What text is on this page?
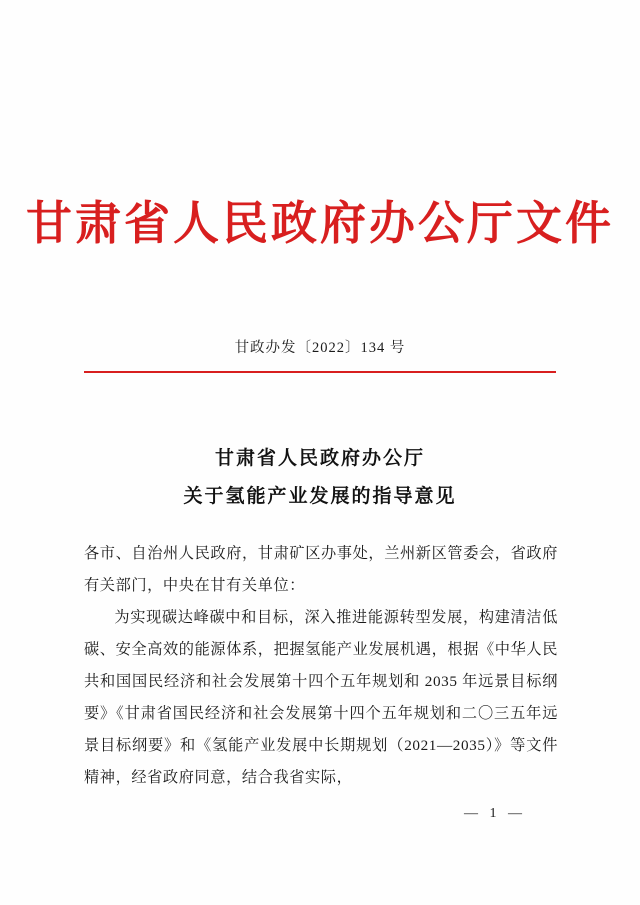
甘肃省人民政府办公厅文件
甘政办发〔2022〕134 号
甘肃省人民政府办公厅
关于氢能产业发展的指导意见

各市、自治州人民政府，甘肃矿区办事处，兰州新区管委会，省政府有关部门，中央在甘有关单位：

为实现碳达峰碳中和目标，深入推进能源转型发展，构建清洁低碳、安全高效的能源体系，把握氢能产业发展机遇，根据《中华人民共和国国民经济和社会发展第十四个五年规划和 2035 年远景目标纲要》《甘肃省国民经济和社会发展第十四个五年规划和二〇三五年远景目标纲要》和《氢能产业发展中长期规划（2021—2035）》等文件精神，经省政府同意，结合我省实际，

— 1 —
